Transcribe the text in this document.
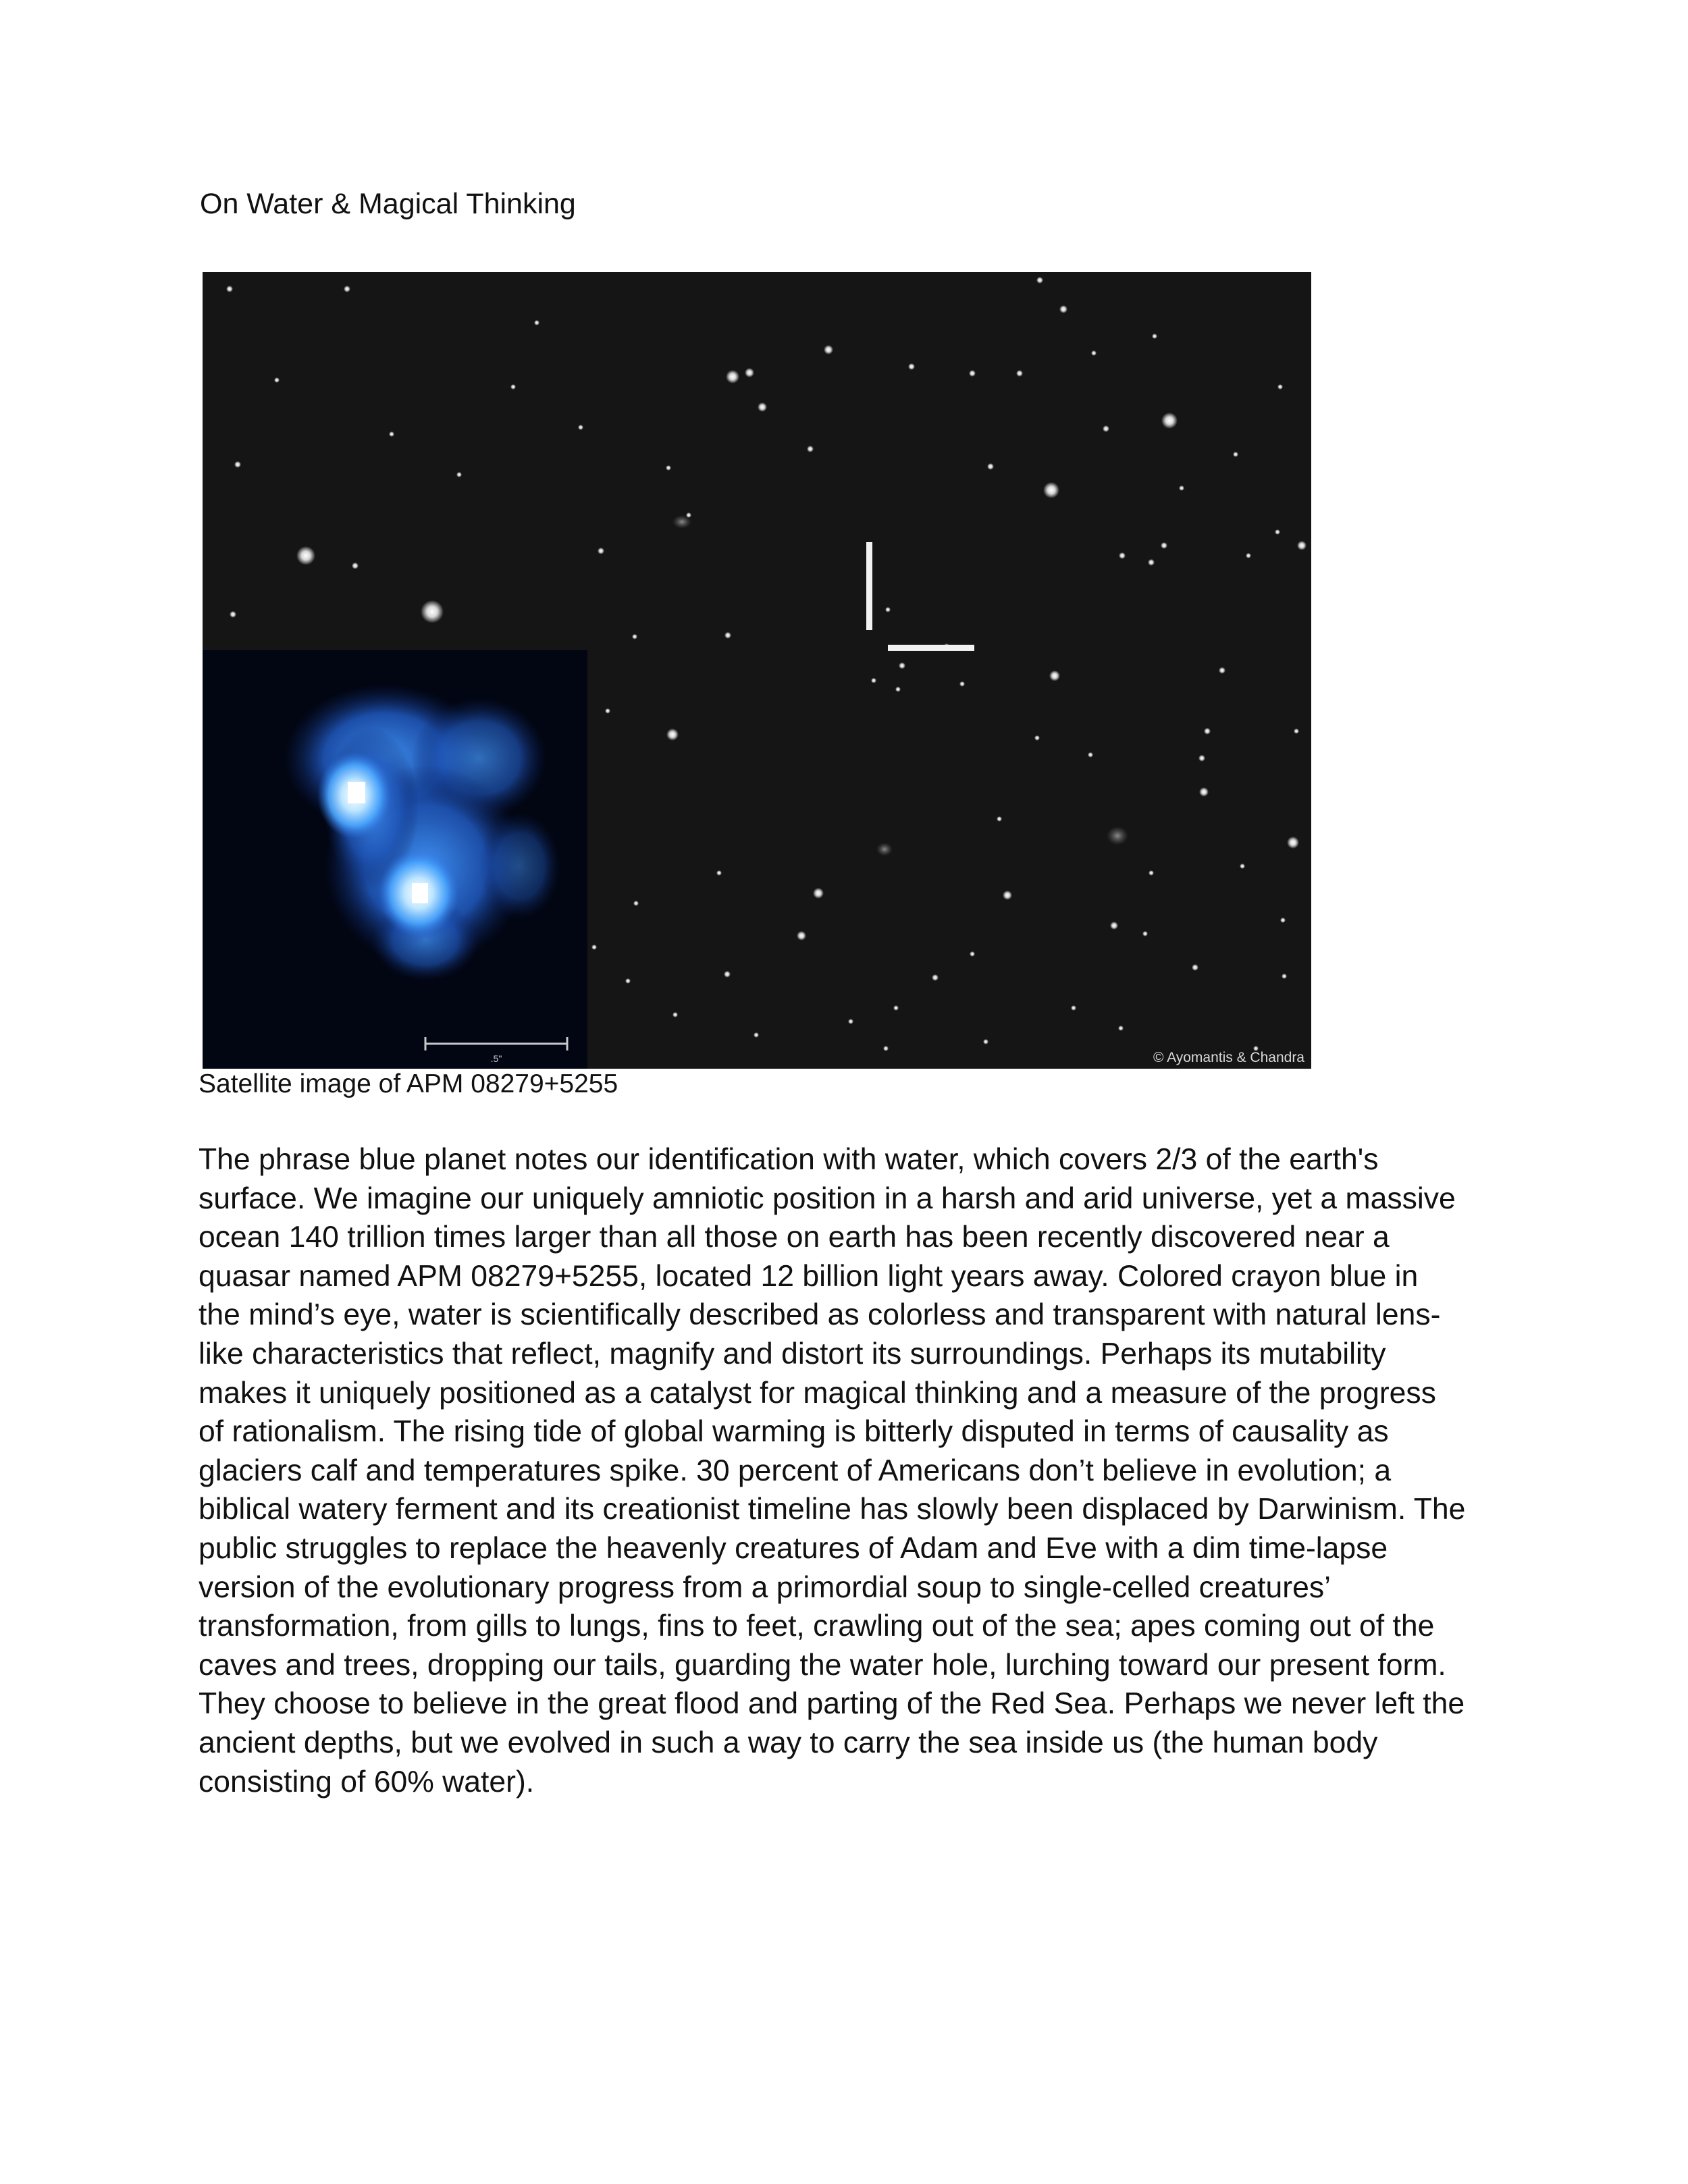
On Water & Magical Thinking
.5"	© Ayomantis & Chandra
Satellite image of APM 08279+5255
The phrase blue planet notes our identification with water, which covers 2/3 of the earth's
surface. We imagine our uniquely amniotic position in a harsh and arid universe, yet a massive
ocean 140 trillion times larger than all those on earth has been recently discovered near a
quasar named APM 08279+5255, located 12 billion light years away. Colored crayon blue in
the mind’s eye, water is scientifically described as colorless and transparent with natural lens-
like characteristics that reflect, magnify and distort its surroundings. Perhaps its mutability
makes it uniquely positioned as a catalyst for magical thinking and a measure of the progress
of rationalism. The rising tide of global warming is bitterly disputed in terms of causality as
glaciers calf and temperatures spike. 30 percent of Americans don’t believe in evolution; a
biblical watery ferment and its creationist timeline has slowly been displaced by Darwinism. The
public struggles to replace the heavenly creatures of Adam and Eve with a dim time-lapse
version of the evolutionary progress from a primordial soup to single-celled creatures’
transformation, from gills to lungs, fins to feet, crawling out of the sea; apes coming out of the
caves and trees, dropping our tails, guarding the water hole, lurching toward our present form.
They choose to believe in the great flood and parting of the Red Sea. Perhaps we never left the
ancient depths, but we evolved in such a way to carry the sea inside us (the human body
consisting of 60% water).
